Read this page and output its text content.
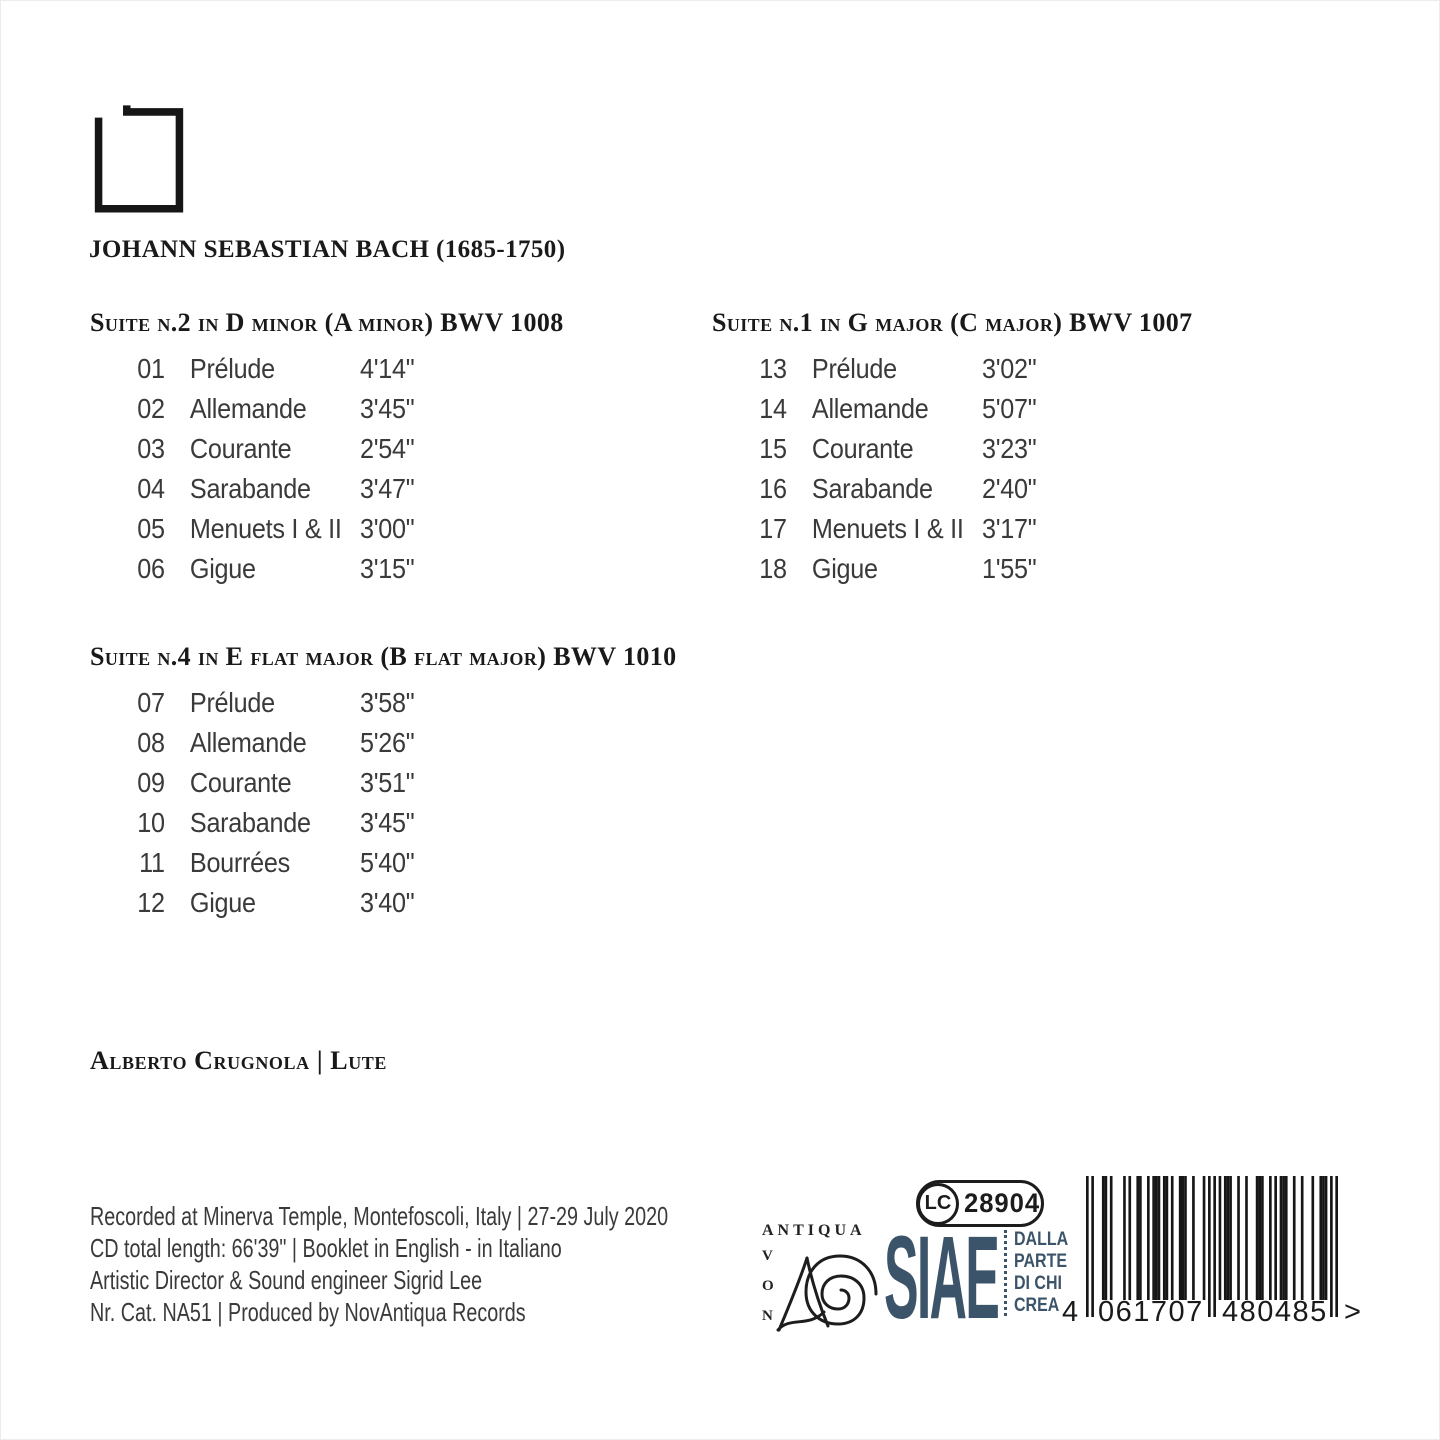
JOHANN SEBASTIAN BACH (1685-1750)
Suite n.2 in D minor (A minor) BWV 1008
01 Prélude	4'14"
02 Allemande	3'45"
03 Courante	2'54"
04 Sarabande	3'47"
05 Menuets I & II 3'00"
06 Gigue	3'15"
Suite n.1 in G major (C major) BWV 1007
13 Prélude	3'02"
14 Allemande	5'07"
15 Courante	3'23"
16 Sarabande	2'40"
17 Menuets I & II 3'17"
18 Gigue	1'55"
Suite n.4 in E flat major (B flat major) BWV 1010
07 Prélude	3'58"
08 Allemande	5'26"
09 Courante	3'51"
10 Sarabande	3'45"
11 Bourrées	5'40"
12 Gigue	3'40"
Alberto Crugnola | Lute
Recorded at Minerva Temple, Montefoscoli, Italy | 27-29 July 2020
CD total length: 66'39" | Booklet in English - in Italiano
Artistic Director & Sound engineer Sigrid Lee
Nr. Cat. NA51 | Produced by NovAntiqua Records
ANTIQUA
V
O
N
LC 28904
SIAE DALLA
PARTE
DI CHI
CREA 4 061707 480485 >
